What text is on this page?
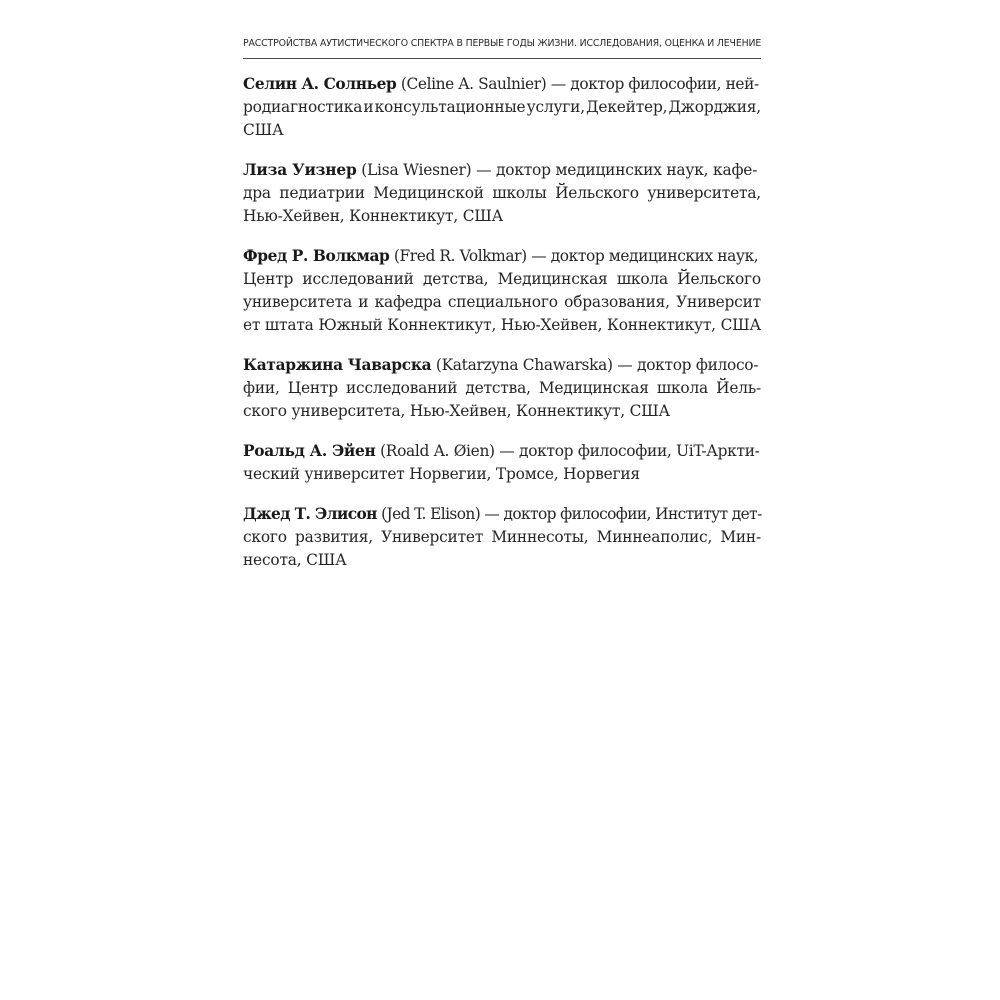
РАССТРОЙСТВА АУТИСТИЧЕСКОГО СПЕКТРА В ПЕРВЫЕ ГОДЫ ЖИЗНИ. ИССЛЕДОВАНИЯ, ОЦЕНКА И ЛЕЧЕНИЕ
Селин А. Солньер (Celine A. Saulnier) — доктор философии, ней-
родиагностика и консультационные услуги, Декейтер, Джорджия,
США
Лиза Уизнер (Lisa Wiesner) — доктор медицинских наук, кафе-
дра педиатрии Медицинской школы Йельского университета,
Нью-Хейвен, Коннектикут, США
Фред Р. Волкмар (Fred R. Volkmar) — доктор медицинских наук,
Центр исследований детства, Медицинская школа Йельского
университета и кафедра специального образования, Университ
ет штата Южный Коннектикут, Нью-Хейвен, Коннектикут, США
Катаржина Чаварска (Katarzyna Chawarska) — доктор филосо-
фии, Центр исследований детства, Медицинская школа Йель-
ского университета, Нью-Хейвен, Коннектикут, США
Роальд А. Эйен (Roald A. Øien) — доктор философии, UiT-Аркти-
ческий университет Норвегии, Тромсе, Норвегия
Джед Т. Элисон (Jed T. Elison) — доктор философии, Институт дет-
ского развития, Университет Миннесоты, Миннеаполис, Мин-
несота, США
